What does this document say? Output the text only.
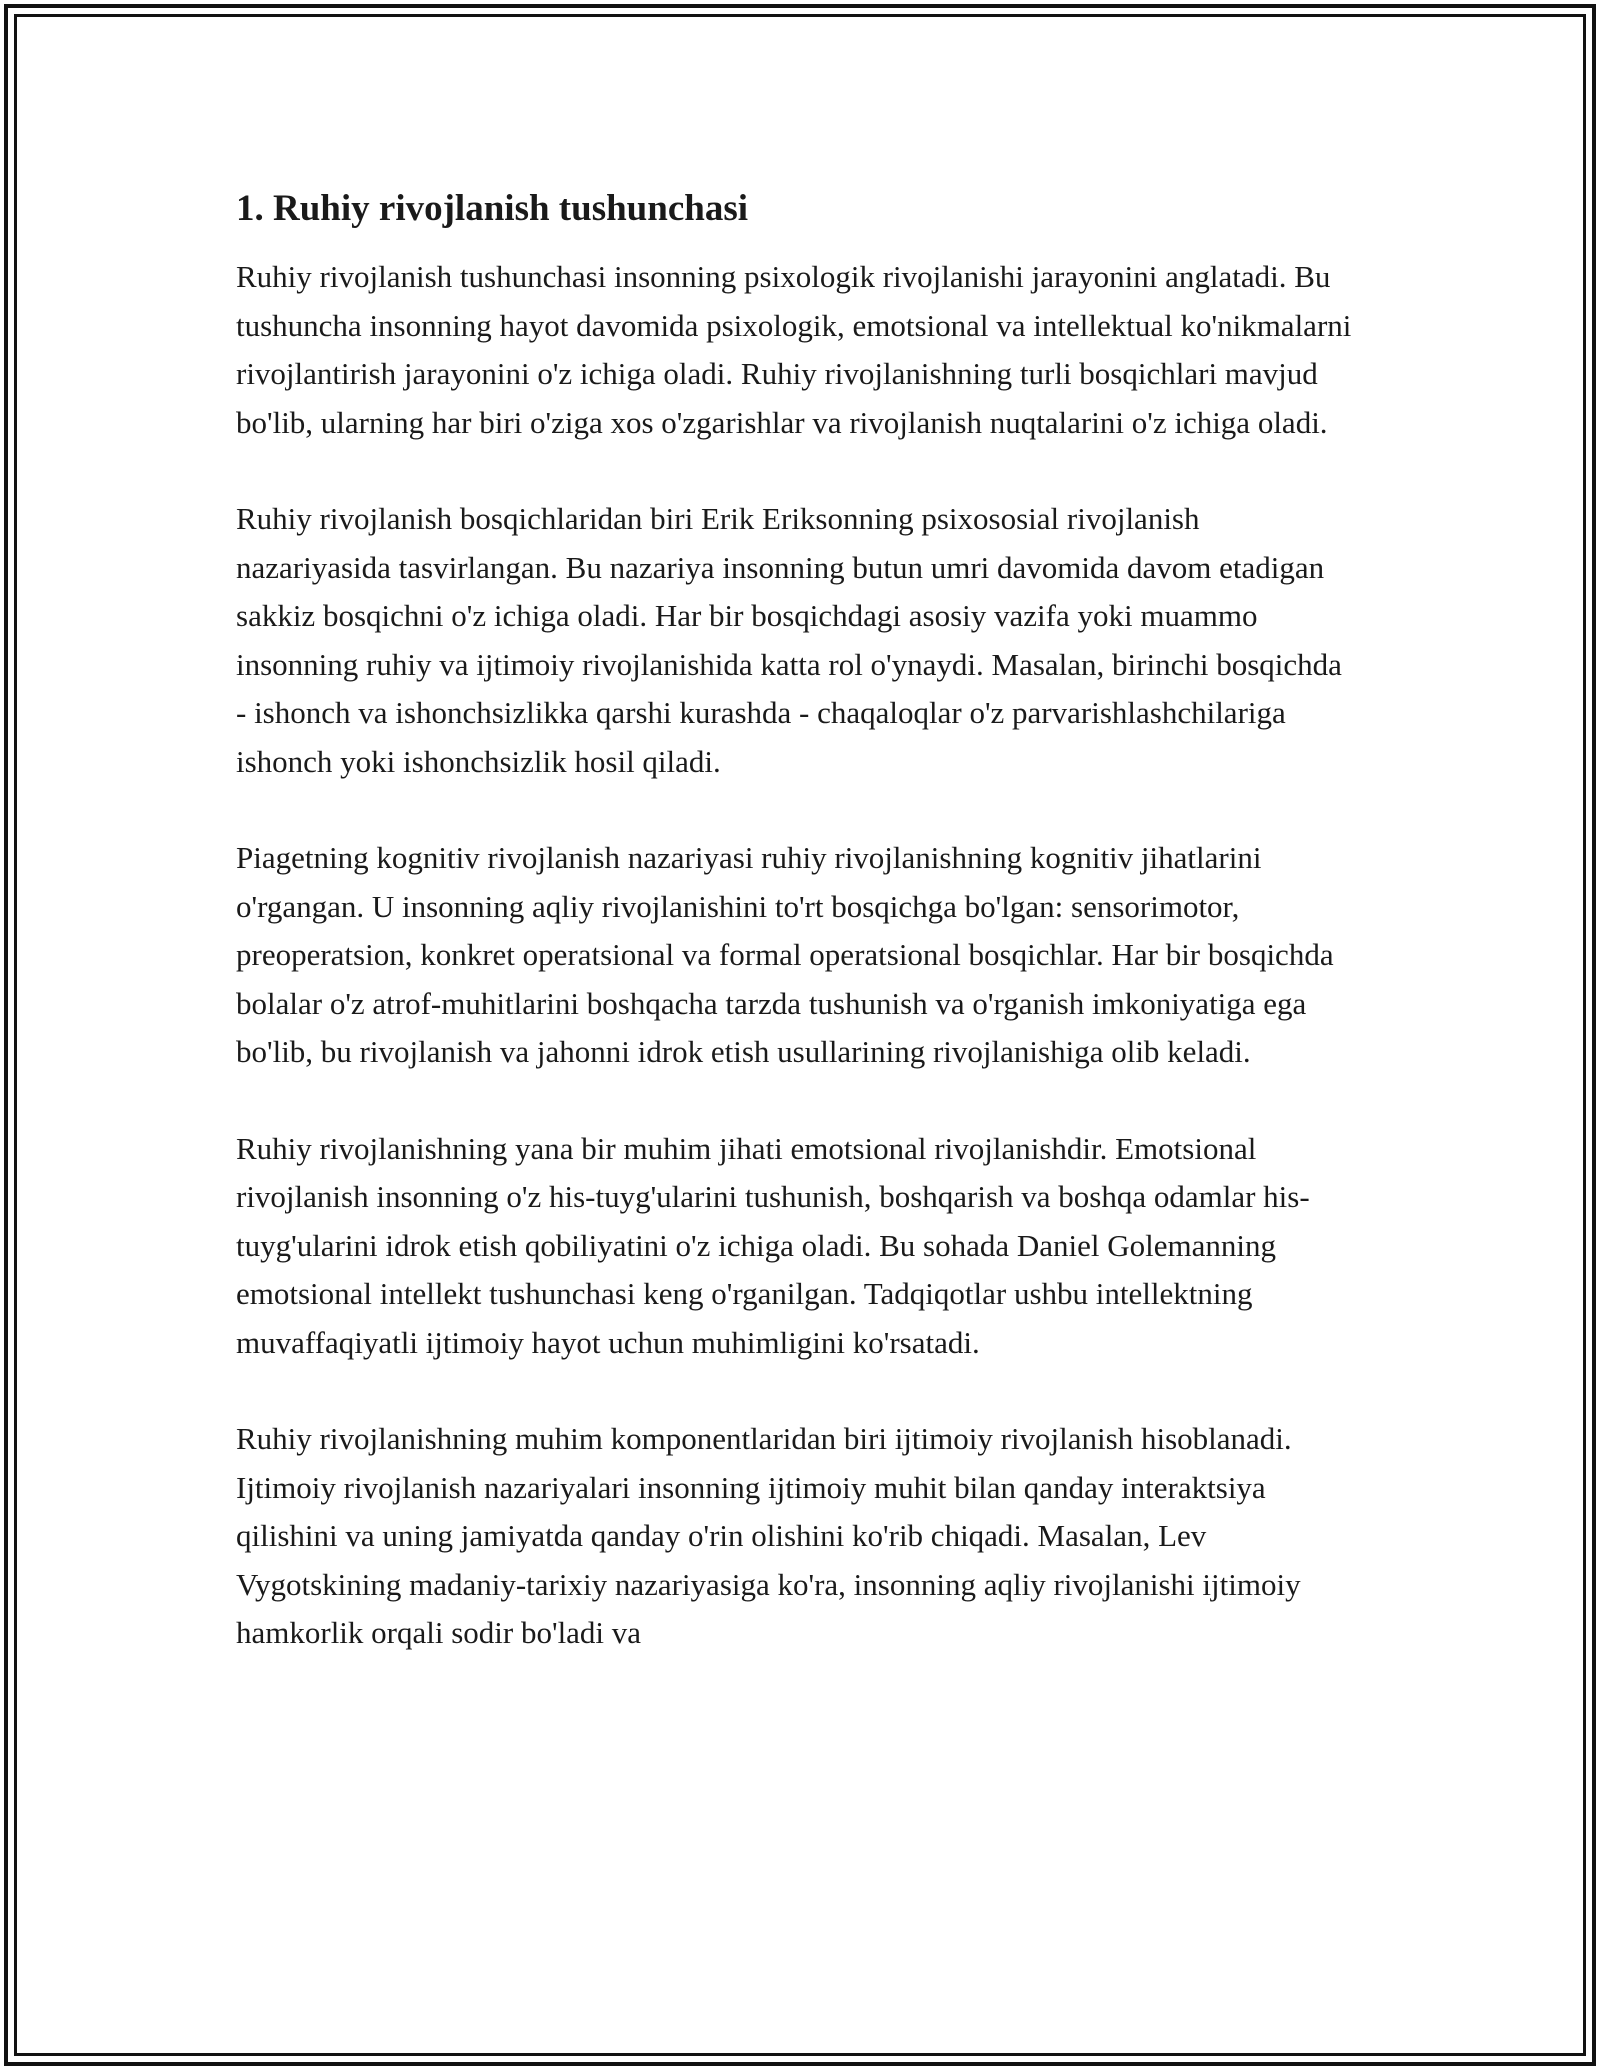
1. Ruhiy rivojlanish tushunchasi

Ruhiy rivojlanish tushunchasi insonning psixologik rivojlanishi jarayonini anglatadi. Bu tushuncha insonning hayot davomida psixologik, emotsional va intellektual ko'nikmalarni rivojlantirish jarayonini o'z ichiga oladi. Ruhiy rivojlanishning turli bosqichlari mavjud bo'lib, ularning har biri o'ziga xos o'zgarishlar va rivojlanish nuqtalarini o'z ichiga oladi.

Ruhiy rivojlanish bosqichlaridan biri Erik Eriksonning psixososial rivojlanish nazariyasida tasvirlangan. Bu nazariya insonning butun umri davomida davom etadigan sakkiz bosqichni o'z ichiga oladi. Har bir bosqichdagi asosiy vazifa yoki muammo insonning ruhiy va ijtimoiy rivojlanishida katta rol o'ynaydi. Masalan, birinchi bosqichda - ishonch va ishonchsizlikka qarshi kurashda - chaqaloqlar o'z parvarishlashchilariga ishonch yoki ishonchsizlik hosil qiladi.

Piagetning kognitiv rivojlanish nazariyasi ruhiy rivojlanishning kognitiv jihatlarini o'rgangan. U insonning aqliy rivojlanishini to'rt bosqichga bo'lgan: sensorimotor, preoperatsion, konkret operatsional va formal operatsional bosqichlar. Har bir bosqichda bolalar o'z atrof-muhitlarini boshqacha tarzda tushunish va o'rganish imkoniyatiga ega bo'lib, bu rivojlanish va jahonni idrok etish usullarining rivojlanishiga olib keladi.

Ruhiy rivojlanishning yana bir muhim jihati emotsional rivojlanishdir. Emotsional rivojlanish insonning o'z his-tuyg'ularini tushunish, boshqarish va boshqa odamlar his-tuyg'ularini idrok etish qobiliyatini o'z ichiga oladi. Bu sohada Daniel Golemanning emotsional intellekt tushunchasi keng o'rganilgan. Tadqiqotlar ushbu intellektning muvaffaqiyatli ijtimoiy hayot uchun muhimligini ko'rsatadi.

Ruhiy rivojlanishning muhim komponentlaridan biri ijtimoiy rivojlanish hisoblanadi. Ijtimoiy rivojlanish nazariyalari insonning ijtimoiy muhit bilan qanday interaktsiya qilishini va uning jamiyatda qanday o'rin olishini ko'rib chiqadi. Masalan, Lev Vygotskining madaniy-tarixiy nazariyasiga ko'ra, insonning aqliy rivojlanishi ijtimoiy hamkorlik orqali sodir bo'ladi va
